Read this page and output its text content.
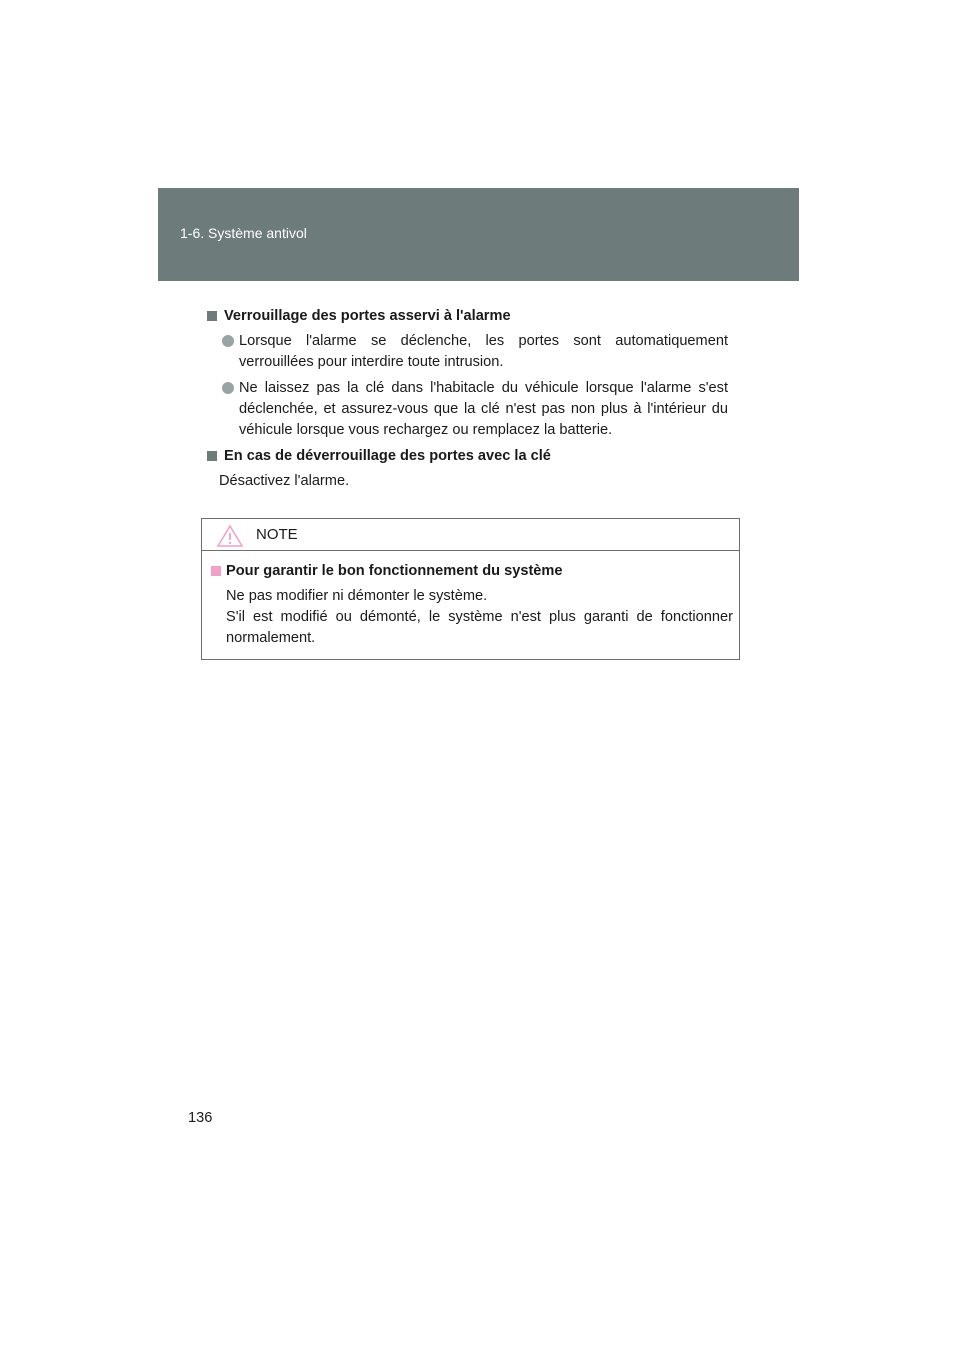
1-6. Système antivol
Verrouillage des portes asservi à l'alarme
Lorsque l'alarme se déclenche, les portes sont automatiquement verrouillées pour interdire toute intrusion.
Ne laissez pas la clé dans l'habitacle du véhicule lorsque l'alarme s'est déclenchée, et assurez-vous que la clé n'est pas non plus à l'intérieur du véhicule lorsque vous rechargez ou remplacez la batterie.
En cas de déverrouillage des portes avec la clé
Désactivez l'alarme.
NOTE
Pour garantir le bon fonctionnement du système
Ne pas modifier ni démonter le système.
S'il est modifié ou démonté, le système n'est plus garanti de fonctionner normalement.
136
